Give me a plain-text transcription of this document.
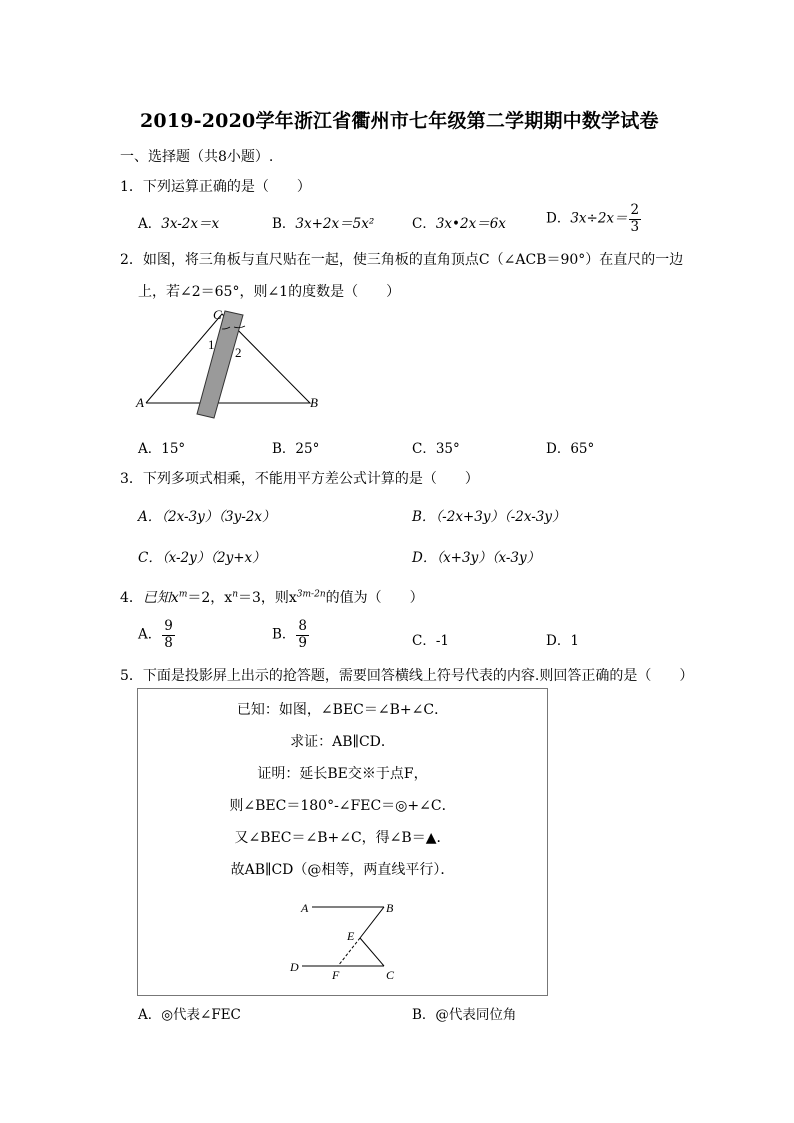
2019-2020学年浙江省衢州市七年级第二学期期中数学试卷
一、选择题（共8小题）.
1．下列运算正确的是（　　）
A．3x-2x＝x	B．3x+2x＝5x²	C．3x•2x＝6x	D．$3x\div 2x= \frac{2}{3}$
2．如图，将三角板与直尺贴在一起，使三角板的直角顶点C（∠ACB＝90°）在直尺的一边
上，若∠2＝65°，则∠1的度数是（　　）
C
1
2
A	B
A．15°	B．25°	C．35°	D．65°
3．下列多项式相乘，不能用平方差公式计算的是（　　）
A．（2x-3y）（3y-2x）	B．（-2x+3y）（-2x-3y）
C．（x-2y）（2y+x）	D．（x+3y）（x-3y）
4．已知$x^m=2$，$x^n=3$，则$x^{3m-2n}$的值为（　　）
A． $\frac{9}{8}$	B． $\frac{8}{9}$	C．-1	D．1
5．下面是投影屏上出示的抢答题，需要回答横线上符号代表的内容.则回答正确的是（　　）
已知：如图，∠BEC＝∠B+∠C．
求证：AB∥CD．
证明：延长BE交※于点F，
则∠BEC＝180°-∠FEC＝◎+∠C．
又∠BEC＝∠B+∠C，得∠B＝▲．
故AB∥CD（@相等，两直线平行）．
A	B
E
D
F	C
A．◎代表∠FEC	B．@代表同位角
